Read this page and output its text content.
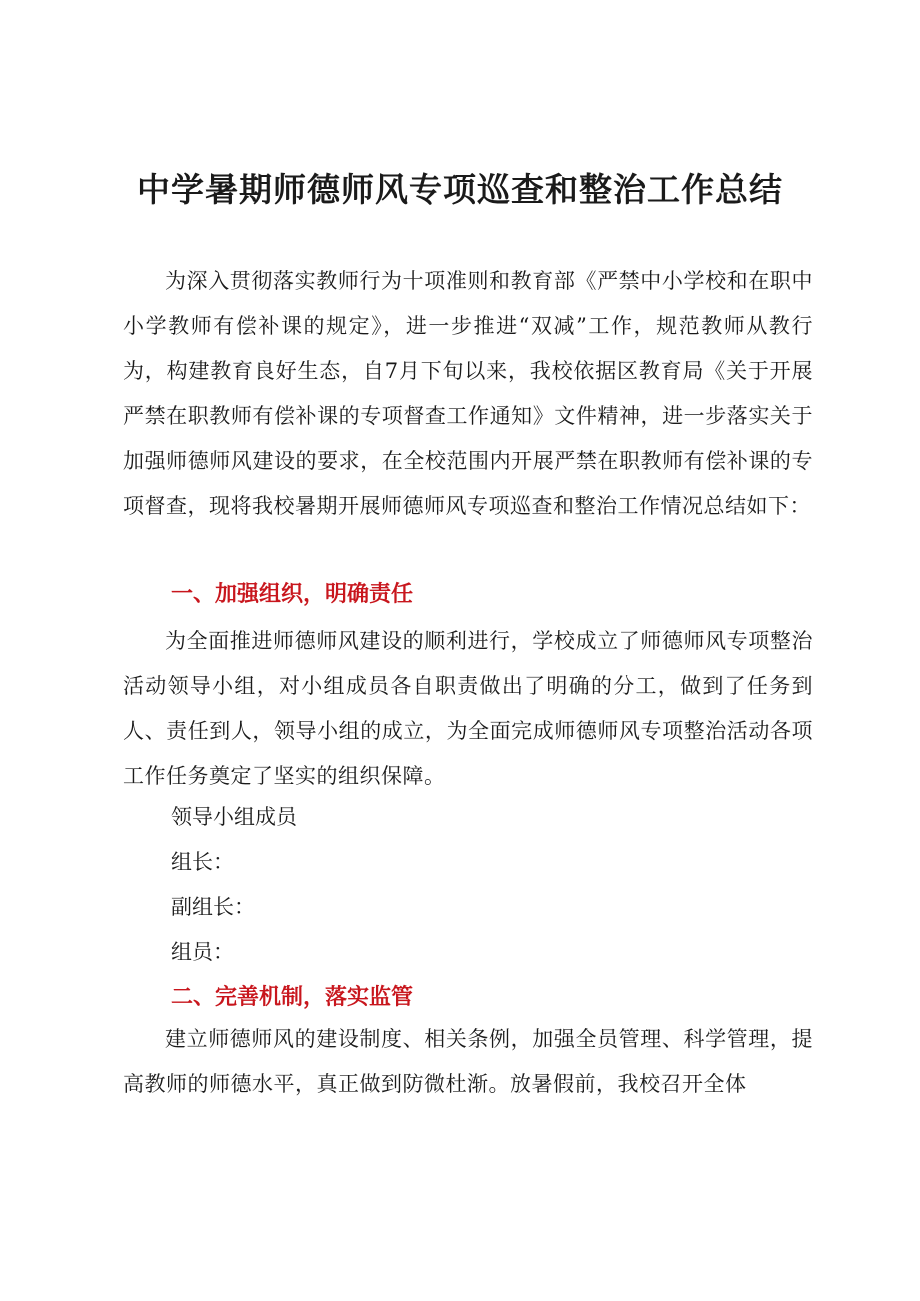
中学暑期师德师风专项巡查和整治工作总结

为深入贯彻落实教师行为十项准则和教育部《严禁中小学校和在职中小学教师有偿补课的规定》，进一步推进“双减”工作，规范教师从教行为，构建教育良好生态，自7月下旬以来，我校依据区教育局《关于开展严禁在职教师有偿补课的专项督查工作通知》文件精神，进一步落实关于加强师德师风建设的要求，在全校范围内开展严禁在职教师有偿补课的专项督查，现将我校暑期开展师德师风专项巡查和整治工作情况总结如下：

一、加强组织，明确责任

为全面推进师德师风建设的顺利进行，学校成立了师德师风专项整治活动领导小组，对小组成员各自职责做出了明确的分工，做到了任务到人、责任到人，领导小组的成立，为全面完成师德师风专项整治活动各项工作任务奠定了坚实的组织保障。

领导小组成员

组长：

副组长：

组员：

二、完善机制，落实监管

建立师德师风的建设制度、相关条例，加强全员管理、科学管理，提高教师的师德水平，真正做到防微杜渐。放暑假前，我校召开全体
